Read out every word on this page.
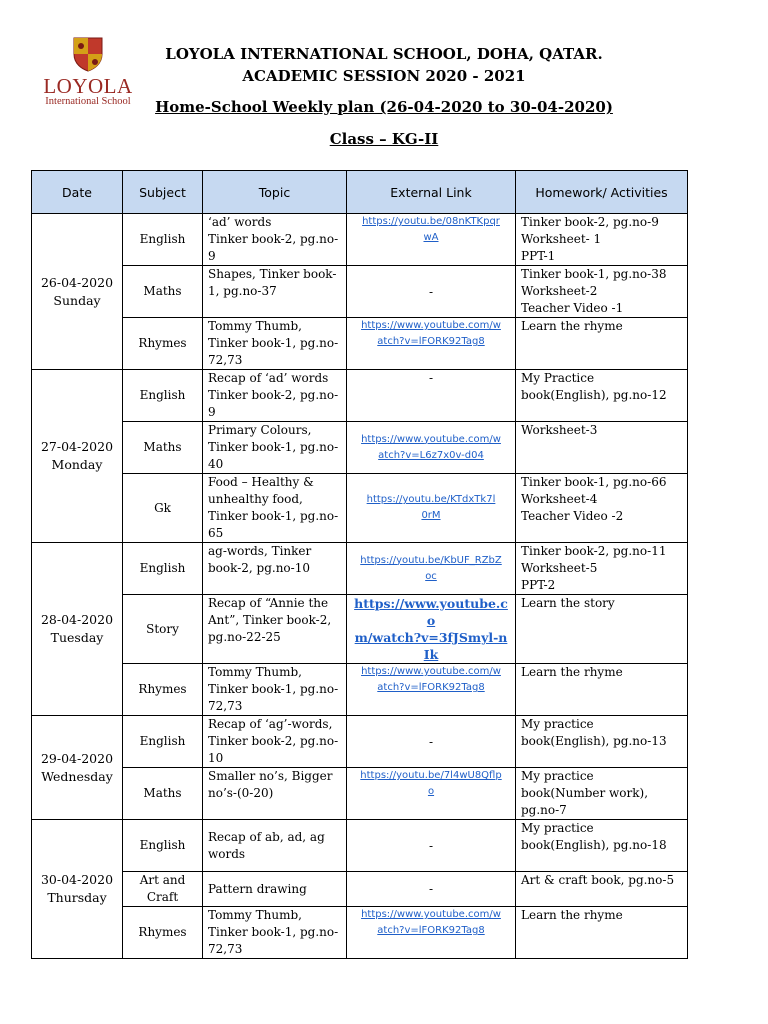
LOYOLA
International School
LOYOLA INTERNATIONAL SCHOOL, DOHA, QATAR.
ACADEMIC SESSION 2020 - 2021
Home-School Weekly plan (26-04-2020 to 30-04-2020)
Class – KG-II
Date	Subject	Topic	External Link	Homework/ Activities

26-04-2020
Sunday	English	‘ad’ words
Tinker book-2, pg.no-
9	https://youtu.be/08nKTKpqr
wA	Tinker book-2, pg.no-9
Worksheet- 1
PPT-1

	Maths	Shapes, Tinker book-
1, pg.no-37	-	Tinker book-1, pg.no-38
Worksheet-2
Teacher Video -1

	Rhymes	Tommy Thumb,
Tinker book-1, pg.no-
72,73	https://www.youtube.com/w
atch?v=lFORK92Tag8	Learn the rhyme

27-04-2020
Monday	English	Recap of ‘ad’ words
Tinker book-2, pg.no-
9	-	My Practice
book(English), pg.no-12

	Maths	Primary Colours,
Tinker book-1, pg.no-
40	https://www.youtube.com/w
atch?v=L6z7x0v-d04	Worksheet-3

	Gk	Food – Healthy &
unhealthy food,
Tinker book-1, pg.no-
65	https://youtu.be/KTdxTk7l
0rM	Tinker book-1, pg.no-66
Worksheet-4
Teacher Video -2

28-04-2020
Tuesday	English	ag-words, Tinker
book-2, pg.no-10	https://youtu.be/KbUF_RZbZ
oc	Tinker book-2, pg.no-11
Worksheet-5
PPT-2

	Story	Recap of “Annie the
Ant”, Tinker book-2,
pg.no-22-25	https://www.youtube.co
m/watch?v=3fJSmyl-nIk	Learn the story

	Rhymes	Tommy Thumb,
Tinker book-1, pg.no-
72,73	https://www.youtube.com/w
atch?v=lFORK92Tag8	Learn the rhyme

29-04-2020
Wednesday	English	Recap of ‘ag’-words,
Tinker book-2, pg.no-
10	-	My practice
book(English), pg.no-13

	Maths	Smaller no’s, Bigger
no’s-(0-20)	https://youtu.be/7l4wU8Qflp
o	My practice
book(Number work),
pg.no-7

30-04-2020
Thursday	English	Recap of ab, ad, ag
words	-	My practice
book(English), pg.no-18

	Art and
Craft	Pattern drawing	-	Art & craft book, pg.no-5

	Rhymes	Tommy Thumb,
Tinker book-1, pg.no-
72,73	https://www.youtube.com/w
atch?v=lFORK92Tag8	Learn the rhyme
